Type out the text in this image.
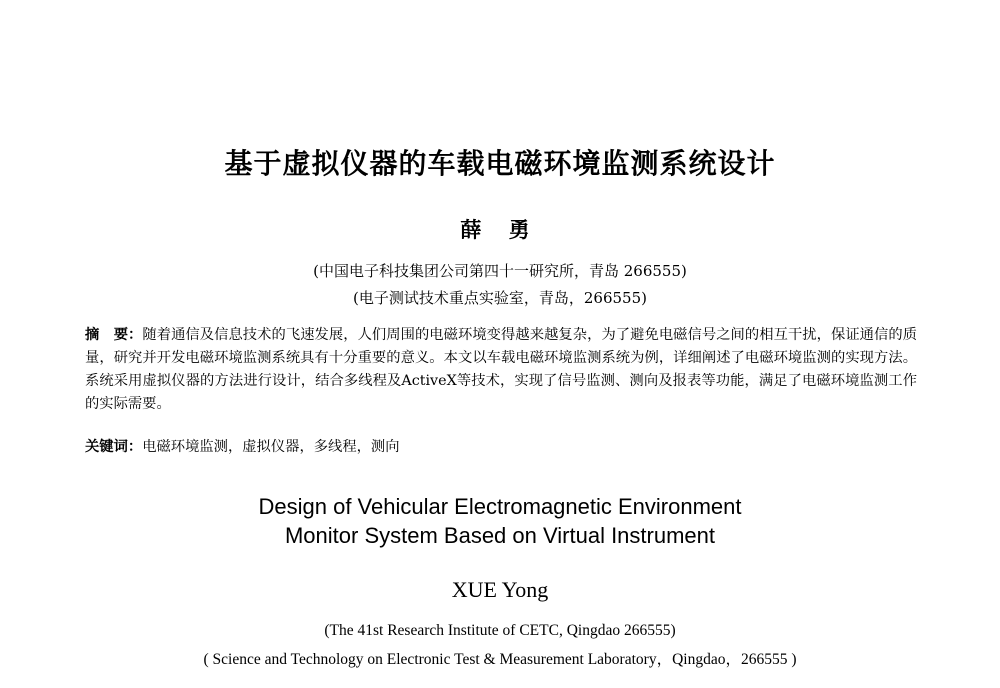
基于虚拟仪器的车载电磁环境监测系统设计
薛 勇
(中国电子科技集团公司第四十一研究所，青岛 266555)
(电子测试技术重点实验室，青岛，266555)
摘　要：随着通信及信息技术的飞速发展，人们周围的电磁环境变得越来越复杂，为了避免电磁信号之间的相互干扰，保证通信的质量，研究并开发电磁环境监测系统具有十分重要的意义。本文以车载电磁环境监测系统为例，详细阐述了电磁环境监测的实现方法。系统采用虚拟仪器的方法进行设计，结合多线程及ActiveX等技术，实现了信号监测、测向及报表等功能，满足了电磁环境监测工作的实际需要。
关键词：电磁环境监测，虚拟仪器，多线程，测向
Design of Vehicular Electromagnetic Environment
Monitor System Based on Virtual Instrument
XUE Yong
(The 41st Research Institute of CETC, Qingdao 266555)
( Science and Technology on Electronic Test & Measurement Laboratory，Qingdao，266555 )
